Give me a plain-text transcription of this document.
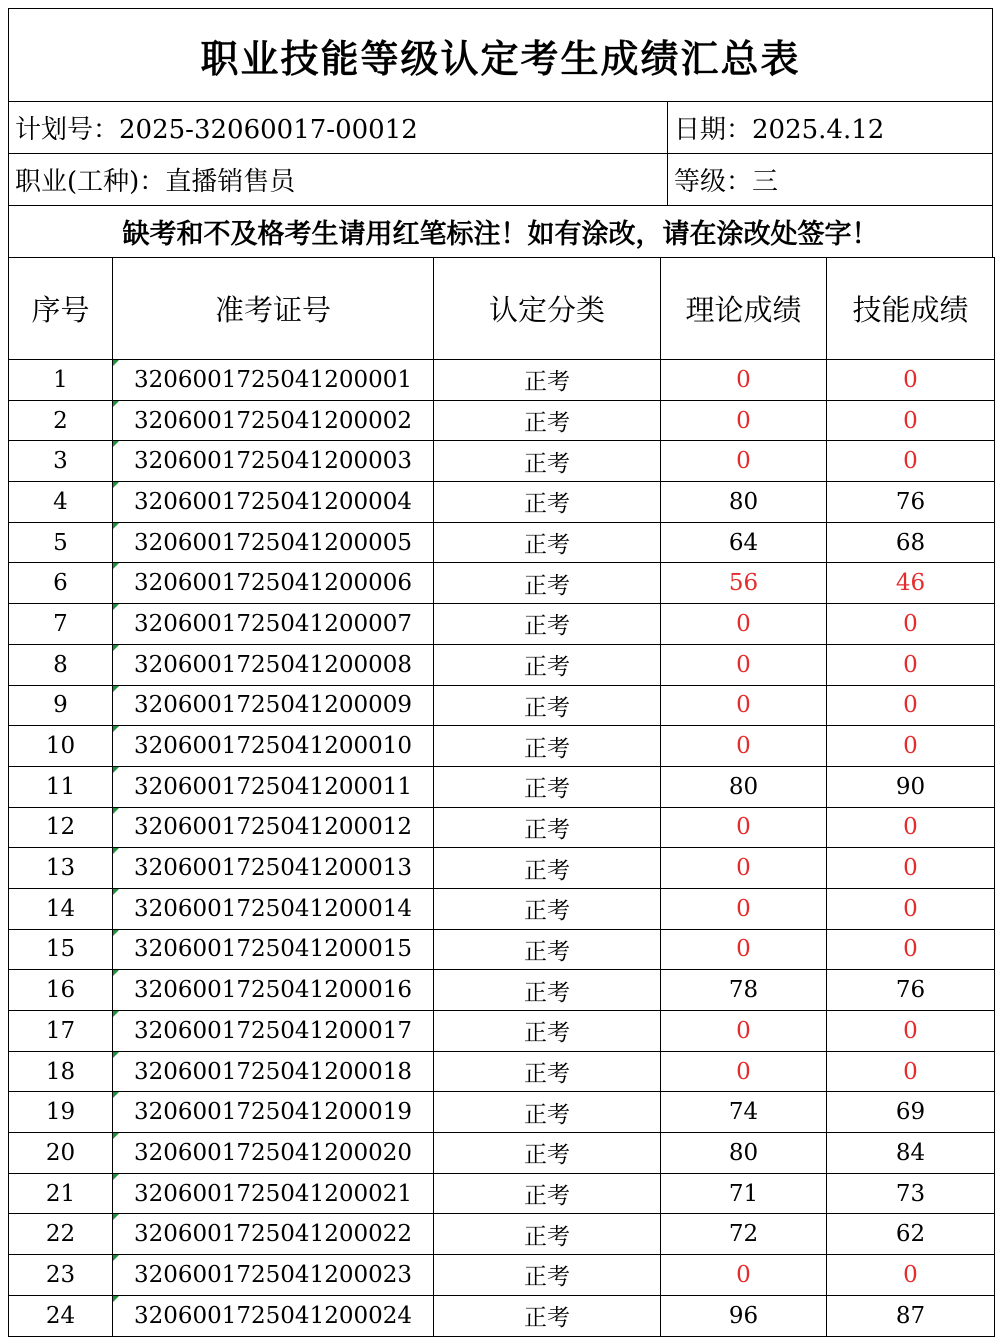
职业技能等级认定考生成绩汇总表
计划号：2025-32060017-00012	日期：2025.4.12
职业(工种)：直播销售员	等级：三
缺考和不及格考生请用红笔标注！如有涂改，请在涂改处签字！
序号	准考证号	认定分类	理论成绩	技能成绩
1	3206001725041200001	正考	0	0
2	3206001725041200002	正考	0	0
3	3206001725041200003	正考	0	0
4	3206001725041200004	正考	80	76
5	3206001725041200005	正考	64	68
6	3206001725041200006	正考	56	46
7	3206001725041200007	正考	0	0
8	3206001725041200008	正考	0	0
9	3206001725041200009	正考	0	0
10	3206001725041200010	正考	0	0
11	3206001725041200011	正考	80	90
12	3206001725041200012	正考	0	0
13	3206001725041200013	正考	0	0
14	3206001725041200014	正考	0	0
15	3206001725041200015	正考	0	0
16	3206001725041200016	正考	78	76
17	3206001725041200017	正考	0	0
18	3206001725041200018	正考	0	0
19	3206001725041200019	正考	74	69
20	3206001725041200020	正考	80	84
21	3206001725041200021	正考	71	73
22	3206001725041200022	正考	72	62
23	3206001725041200023	正考	0	0
24	3206001725041200024	正考	96	87
